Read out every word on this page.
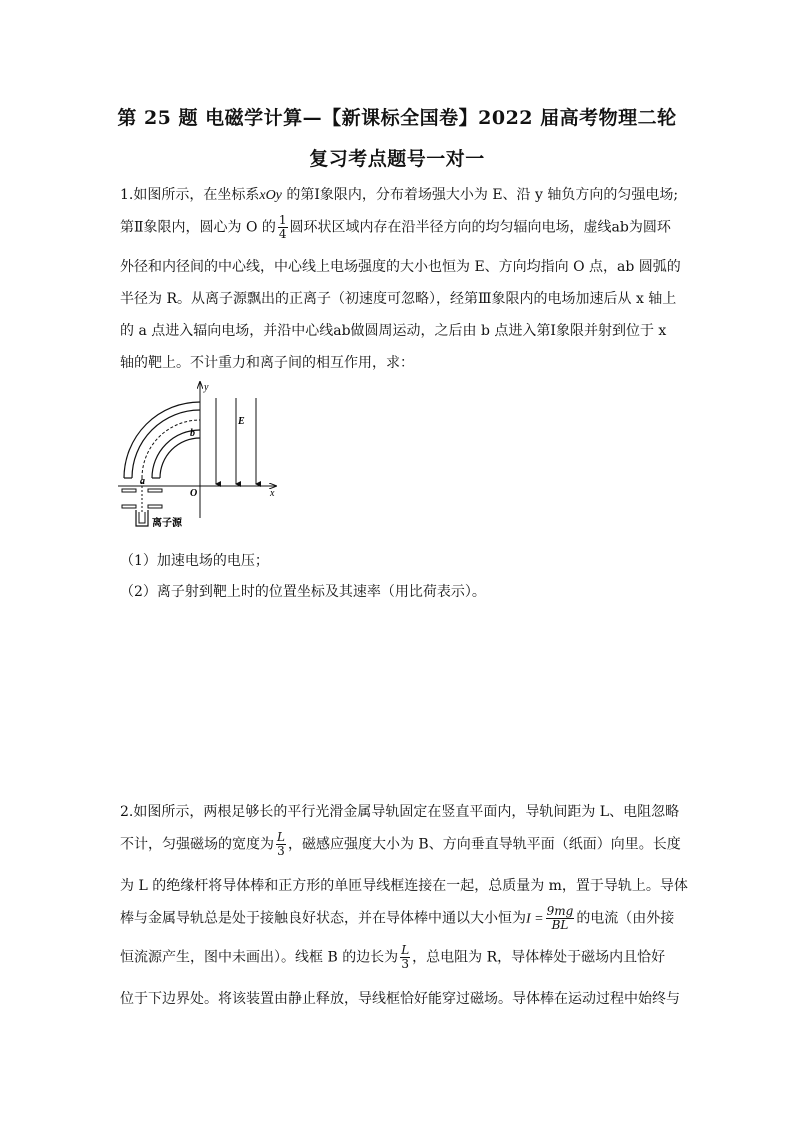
第 25 题 电磁学计算—【新课标全国卷】2022 届高考物理二轮
复习考点题号一对一
1.如图所示，在坐标系xOy 的第Ⅰ象限内，分布着场强大小为 E、沿 y 轴负方向的匀强电场;
第Ⅱ象限内，圆心为 O 的 $\frac{1}{4}$ 圆环状区域内存在沿半径方向的均匀辐向电场，虚线ab为圆环
外径和内径间的中心线，中心线上电场强度的大小也恒为 E、方向均指向 O 点，ab 圆弧的
半径为 R。从离子源飘出的正离子（初速度可忽略），经第Ⅲ象限内的电场加速后从 x 轴上
的 a 点进入辐向电场，并沿中心线ab做圆周运动，之后由 b 点进入第Ⅰ象限并射到位于 x
轴的靶上。不计重力和离子间的相互作用，求：
y
x
E
b
a
O
离子源
（1）加速电场的电压；
（2）离子射到靶上时的位置坐标及其速率（用比荷表示）。
2.如图所示，两根足够长的平行光滑金属导轨固定在竖直平面内，导轨间距为 L、电阻忽略
不计，匀强磁场的宽度为 $\frac{L}{3}$ ，磁感应强度大小为 B、方向垂直导轨平面（纸面）向里。长度
为 L 的绝缘杆将导体棒和正方形的单匝导线框连接在一起，总质量为 m，置于导轨上。导体
棒与金属导轨总是处于接触良好状态，并在导体棒中通以大小恒为$I = \frac{9mg}{BL}$ 的电流（由外接
恒流源产生，图中未画出）。线框 B 的边长为 $\frac{L}{3}$ ，总电阻为 R，导体棒处于磁场内且恰好
位于下边界处。将该装置由静止释放，导线框恰好能穿过磁场。导体棒在运动过程中始终与
